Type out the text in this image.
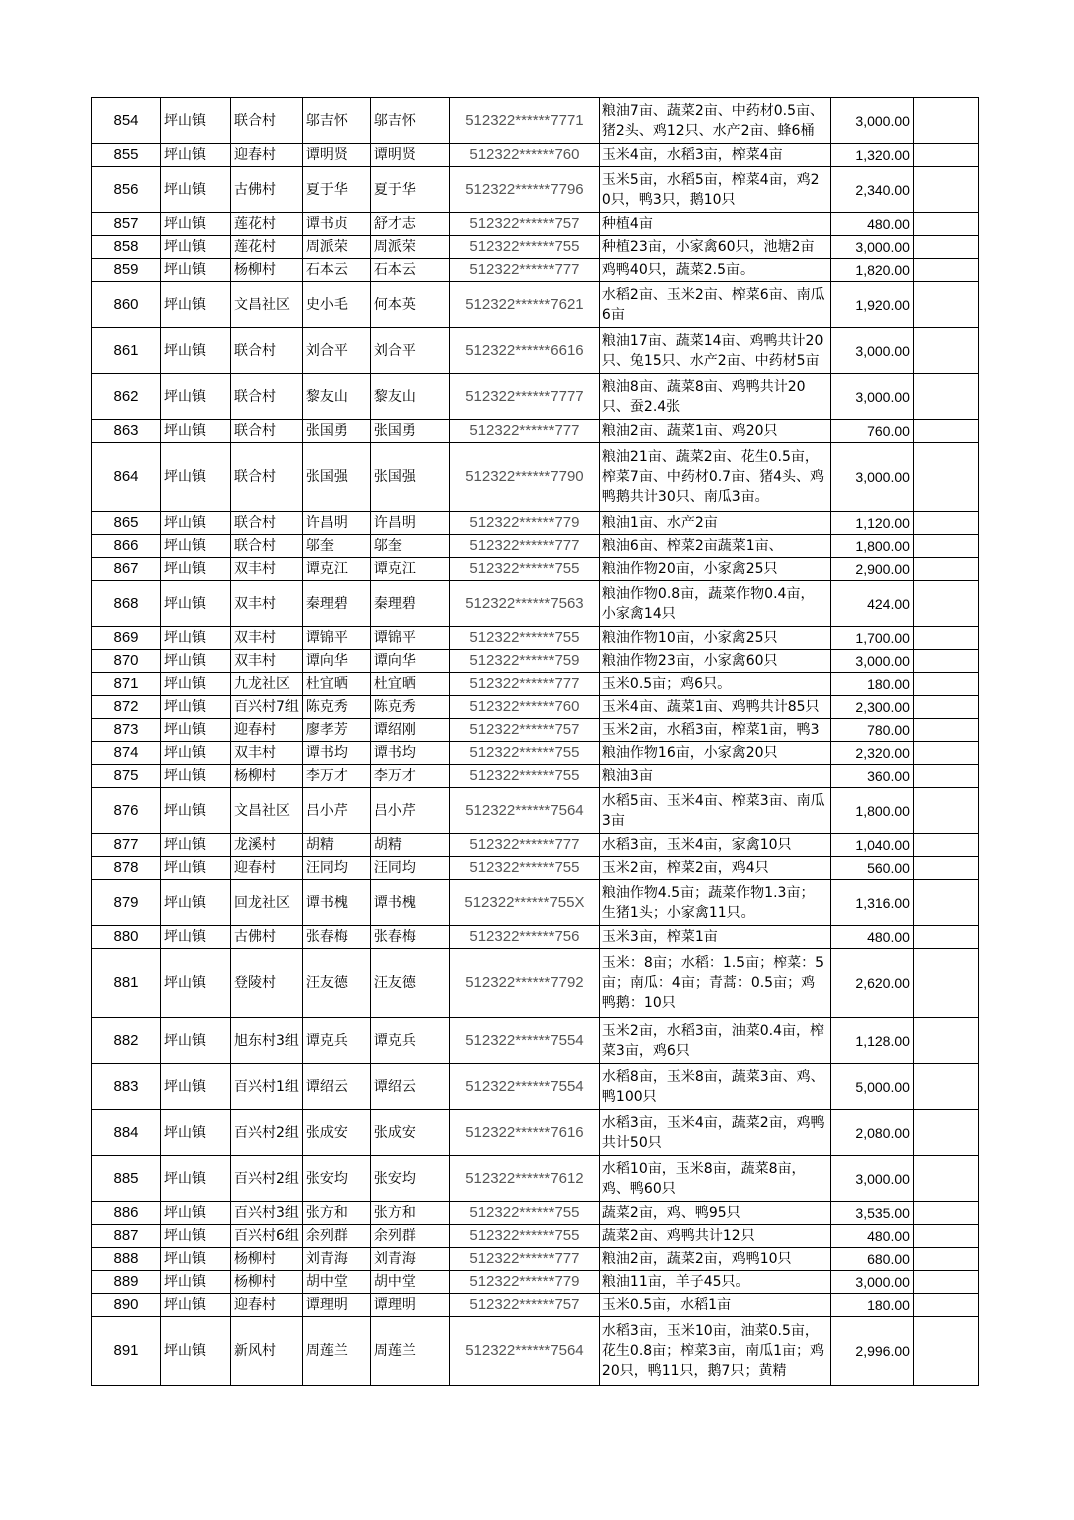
854	坪山镇	联合村	邬吉怀	邬吉怀	512322******7771	粮油7亩、蔬菜2亩、中药材0.5亩、猪2头、鸡12只、水产2亩、蜂6桶	3,000.00	
855	坪山镇	迎春村	谭明贤	谭明贤	512322******760	玉米4亩，水稻3亩，榨菜4亩	1,320.00	
856	坪山镇	古佛村	夏于华	夏于华	512322******7796	玉米5亩，水稻5亩，榨菜4亩，鸡20只，鸭3只，鹅10只	2,340.00	
857	坪山镇	莲花村	谭书贞	舒才志	512322******757	种植4亩	480.00	
858	坪山镇	莲花村	周派荣	周派荣	512322******755	种植23亩，小家禽60只，池塘2亩	3,000.00	
859	坪山镇	杨柳村	石本云	石本云	512322******777	鸡鸭40只，蔬菜2.5亩。	1,820.00	
860	坪山镇	文昌社区	史小毛	何本英	512322******7621	水稻2亩、玉米2亩、榨菜6亩、南瓜6亩	1,920.00	
861	坪山镇	联合村	刘合平	刘合平	512322******6616	粮油17亩、蔬菜14亩、鸡鸭共计20只、兔15只、水产2亩、中药材5亩	3,000.00	
862	坪山镇	联合村	黎友山	黎友山	512322******7777	粮油8亩、蔬菜8亩、鸡鸭共计20只、蚕2.4张	3,000.00	
863	坪山镇	联合村	张国勇	张国勇	512322******777	粮油2亩、蔬菜1亩、鸡20只	760.00	
864	坪山镇	联合村	张国强	张国强	512322******7790	粮油21亩、蔬菜2亩、花生0.5亩，榨菜7亩、中药材0.7亩、猪4头、鸡鸭鹅共计30只、南瓜3亩。	3,000.00	
865	坪山镇	联合村	许昌明	许昌明	512322******779	粮油1亩、水产2亩	1,120.00	
866	坪山镇	联合村	邬奎	邬奎	512322******777	粮油6亩、榨菜2亩蔬菜1亩、	1,800.00	
867	坪山镇	双丰村	谭克江	谭克江	512322******755	粮油作物20亩，小家禽25只	2,900.00	
868	坪山镇	双丰村	秦理碧	秦理碧	512322******7563	粮油作物0.8亩，蔬菜作物0.4亩，小家禽14只	424.00	
869	坪山镇	双丰村	谭锦平	谭锦平	512322******755	粮油作物10亩，小家禽25只	1,700.00	
870	坪山镇	双丰村	谭向华	谭向华	512322******759	粮油作物23亩，小家禽60只	3,000.00	
871	坪山镇	九龙社区	杜宜晒	杜宜晒	512322******777	玉米0.5亩；鸡6只。	180.00	
872	坪山镇	百兴村7组	陈克秀	陈克秀	512322******760	玉米4亩、蔬菜1亩、鸡鸭共计85只	2,300.00	
873	坪山镇	迎春村	廖孝芳	谭绍刚	512322******757	玉米2亩，水稻3亩，榨菜1亩，鸭3	780.00	
874	坪山镇	双丰村	谭书均	谭书均	512322******755	粮油作物16亩，小家禽20只	2,320.00	
875	坪山镇	杨柳村	李万才	李万才	512322******755	粮油3亩	360.00	
876	坪山镇	文昌社区	吕小芹	吕小芹	512322******7564	水稻5亩、玉米4亩、榨菜3亩、南瓜3亩	1,800.00	
877	坪山镇	龙溪村	胡精	胡精	512322******777	水稻3亩，玉米4亩，家禽10只	1,040.00	
878	坪山镇	迎春村	汪同均	汪同均	512322******755	玉米2亩，榨菜2亩，鸡4只	560.00	
879	坪山镇	回龙社区	谭书槐	谭书槐	512322******755X	粮油作物4.5亩；蔬菜作物1.3亩；生猪1头；小家禽11只。	1,316.00	
880	坪山镇	古佛村	张春梅	张春梅	512322******756	玉米3亩，榨菜1亩	480.00	
881	坪山镇	登陵村	汪友德	汪友德	512322******7792	玉米：8亩；水稻：1.5亩；榨菜：5亩；南瓜：4亩；青蒿：0.5亩；鸡鸭鹅：10只	2,620.00	
882	坪山镇	旭东村3组	谭克兵	谭克兵	512322******7554	玉米2亩，水稻3亩，油菜0.4亩，榨菜3亩，鸡6只	1,128.00	
883	坪山镇	百兴村1组	谭绍云	谭绍云	512322******7554	水稻8亩，玉米8亩，蔬菜3亩、鸡、鸭100只	5,000.00	
884	坪山镇	百兴村2组	张成安	张成安	512322******7616	水稻3亩，玉米4亩，蔬菜2亩，鸡鸭共计50只	2,080.00	
885	坪山镇	百兴村2组	张安均	张安均	512322******7612	水稻10亩，玉米8亩，蔬菜8亩，鸡、鸭60只	3,000.00	
886	坪山镇	百兴村3组	张方和	张方和	512322******755	蔬菜2亩，鸡、鸭95只	3,535.00	
887	坪山镇	百兴村6组	余列群	余列群	512322******755	蔬菜2亩、鸡鸭共计12只	480.00	
888	坪山镇	杨柳村	刘青海	刘青海	512322******777	粮油2亩，蔬菜2亩，鸡鸭10只	680.00	
889	坪山镇	杨柳村	胡中堂	胡中堂	512322******779	粮油11亩，羊子45只。	3,000.00	
890	坪山镇	迎春村	谭理明	谭理明	512322******757	玉米0.5亩，水稻1亩	180.00	
891	坪山镇	新风村	周莲兰	周莲兰	512322******7564	水稻3亩，玉米10亩，油菜0.5亩，花生0.8亩；榨菜3亩，南瓜1亩；鸡20只，鸭11只，鹅7只；黄精	2,996.00	
